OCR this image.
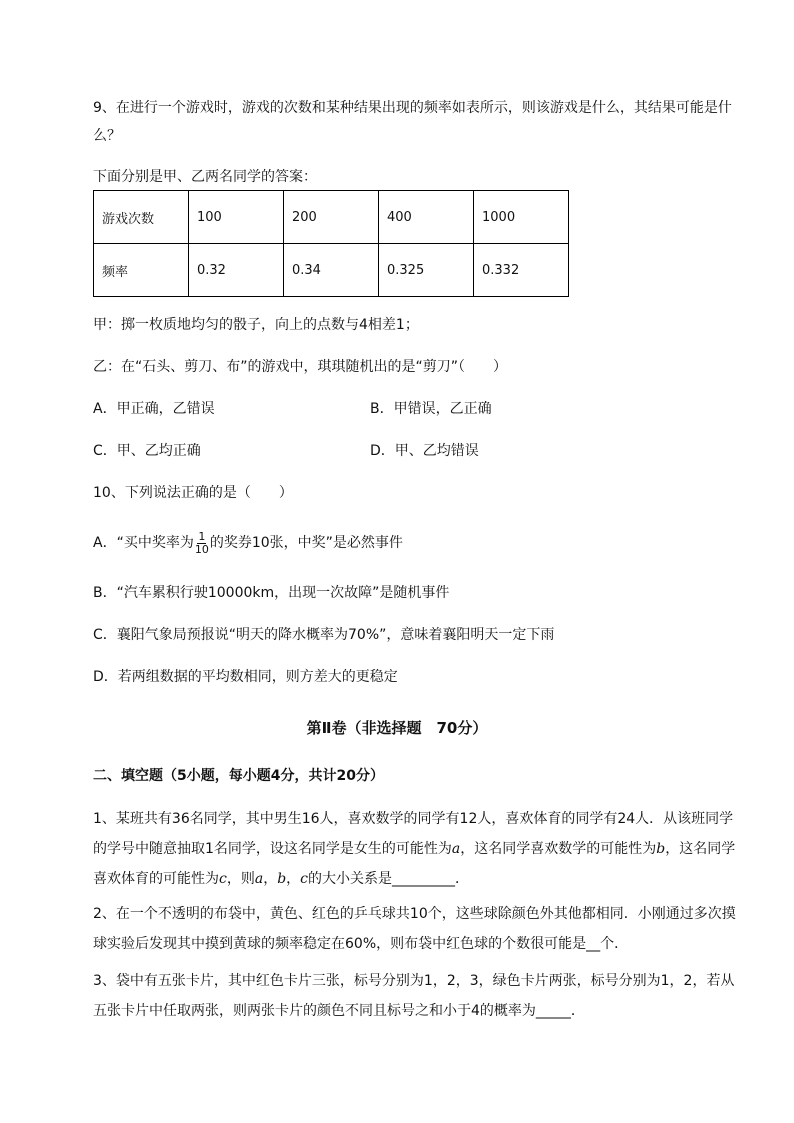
9、在进行一个游戏时，游戏的次数和某种结果出现的频率如表所示，则该游戏是什么，其结果可能是什么？
下面分别是甲、乙两名同学的答案：
游戏次数	100	200	400	1000
频率	0.32	0.34	0.325	0.332
甲：掷一枚质地均匀的骰子，向上的点数与4相差1；
乙：在“石头、剪刀、布”的游戏中，琪琪随机出的是“剪刀”（　　）
A．甲正确，乙错误	B．甲错误，乙正确
C．甲、乙均正确	D．甲、乙均错误
10、下列说法正确的是（　　）
A．“买中奖率为 $\frac{1}{10}$ 的奖券10张，中奖”是必然事件
B．“汽车累积行驶10000km，出现一次故障”是随机事件
C．襄阳气象局预报说“明天的降水概率为70%”，意味着襄阳明天一定下雨
D．若两组数据的平均数相同，则方差大的更稳定
第Ⅱ卷（非选择题　70分）
二、填空题（5小题，每小题4分，共计20分）
1、某班共有36名同学，其中男生16人，喜欢数学的同学有12人，喜欢体育的同学有24人．从该班同学的学号中随意抽取1名同学，设这名同学是女生的可能性为a，这名同学喜欢数学的可能性为b，这名同学喜欢体育的可能性为c，则a，b，c的大小关系是_________．
2、在一个不透明的布袋中，黄色、红色的乒乓球共10个，这些球除颜色外其他都相同．小刚通过多次摸球实验后发现其中摸到黄球的频率稳定在60%，则布袋中红色球的个数很可能是__个．
3、袋中有五张卡片，其中红色卡片三张，标号分别为1，2，3，绿色卡片两张，标号分别为1，2，若从五张卡片中任取两张，则两张卡片的颜色不同且标号之和小于4的概率为_____．
